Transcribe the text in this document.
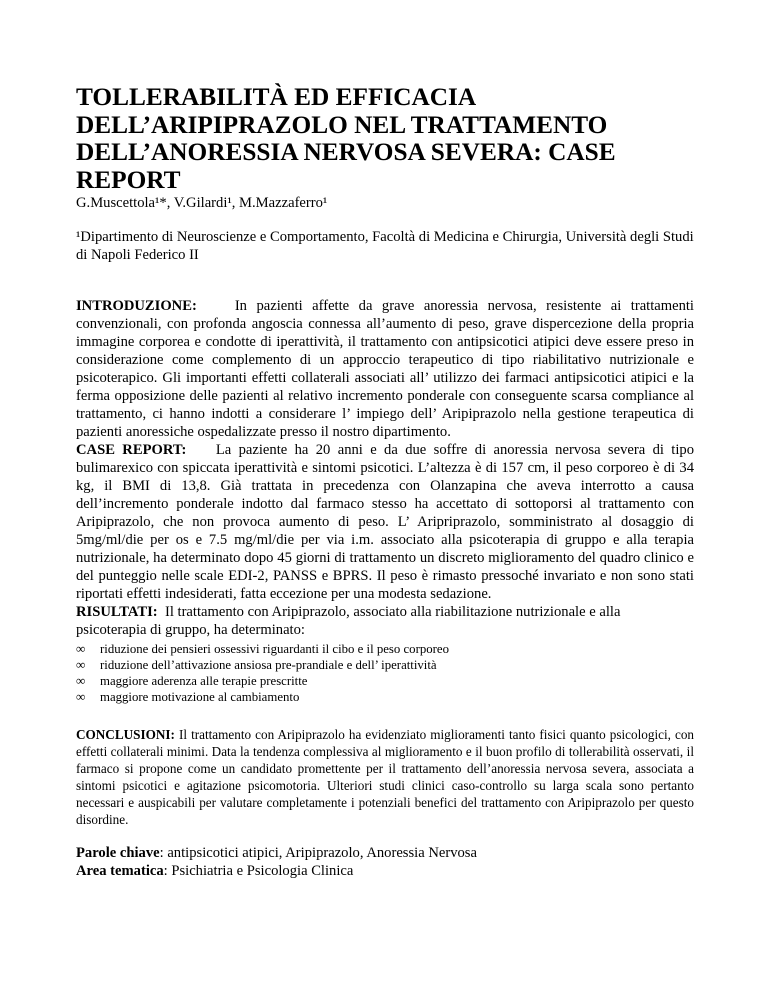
TOLLERABILITÀ ED EFFICACIA DELL’ARIPIPRAZOLO NEL TRATTAMENTO DELL’ANORESSIA NERVOSA SEVERA: CASE REPORT
G.Muscettola¹*, V.Gilardi¹, M.Mazzaferro¹
¹Dipartimento di Neuroscienze e Comportamento, Facoltà di Medicina e Chirurgia, Università degli Studi di Napoli Federico II
INTRODUZIONE:	In pazienti affette da grave anoressia nervosa, resistente ai trattamenti convenzionali, con profonda angoscia connessa all’aumento di peso, grave dispercezione della propria immagine corporea e condotte di iperattività, il trattamento con antipsicotici atipici deve essere preso in considerazione come complemento di un approccio terapeutico di tipo riabilitativo nutrizionale e psicoterapico. Gli importanti effetti collaterali associati all’ utilizzo dei farmaci antipsicotici atipici e la ferma opposizione delle pazienti al relativo incremento ponderale con conseguente scarsa compliance al trattamento, ci hanno indotti a considerare l’ impiego dell’ Aripiprazolo nella gestione terapeutica di pazienti anoressiche ospedalizzate presso il nostro dipartimento.
CASE REPORT: La paziente ha 20 anni e da due soffre di anoressia nervosa severa di tipo bulimarexico con spiccata iperattività e sintomi psicotici. L’altezza è di 157 cm, il peso corporeo è di 34 kg, il BMI di 13,8. Già trattata in precedenza con Olanzapina che aveva interrotto a causa dell’incremento ponderale indotto dal farmaco stesso ha accettato di sottoporsi al trattamento con Aripiprazolo, che non provoca aumento di peso. L’ Aripriprazolo, somministrato al dosaggio di 5mg/ml/die per os e 7.5 mg/ml/die per via i.m. associato alla psicoterapia di gruppo e alla terapia nutrizionale, ha determinato dopo 45 giorni di trattamento un discreto miglioramento del quadro clinico e del punteggio nelle scale EDI-2, PANSS e BPRS. Il peso è rimasto pressoché invariato e non sono stati riportati effetti indesiderati, fatta eccezione per una modesta sedazione.
RISULTATI: Il trattamento con Aripiprazolo, associato alla riabilitazione nutrizionale e alla psicoterapia di gruppo, ha determinato:
∞ riduzione dei pensieri ossessivi riguardanti il cibo e il peso corporeo
∞ riduzione dell’attivazione ansiosa pre-prandiale e dell’ iperattività
∞ maggiore aderenza alle terapie prescritte
∞ maggiore motivazione al cambiamento
CONCLUSIONI: Il trattamento con Aripiprazolo ha evidenziato miglioramenti tanto fisici quanto psicologici, con effetti collaterali minimi. Data la tendenza complessiva al miglioramento e il buon profilo di tollerabilità osservati, il farmaco si propone come un candidato promettente per il trattamento dell’anoressia nervosa severa, associata a sintomi psicotici e agitazione psicomotoria. Ulteriori studi clinici caso-controllo su larga scala sono pertanto necessari e auspicabili per valutare completamente i potenziali benefici del trattamento con Aripiprazolo per questo disordine.
Parole chiave: antipsicotici atipici, Aripiprazolo, Anoressia Nervosa
Area tematica: Psichiatria e Psicologia Clinica
